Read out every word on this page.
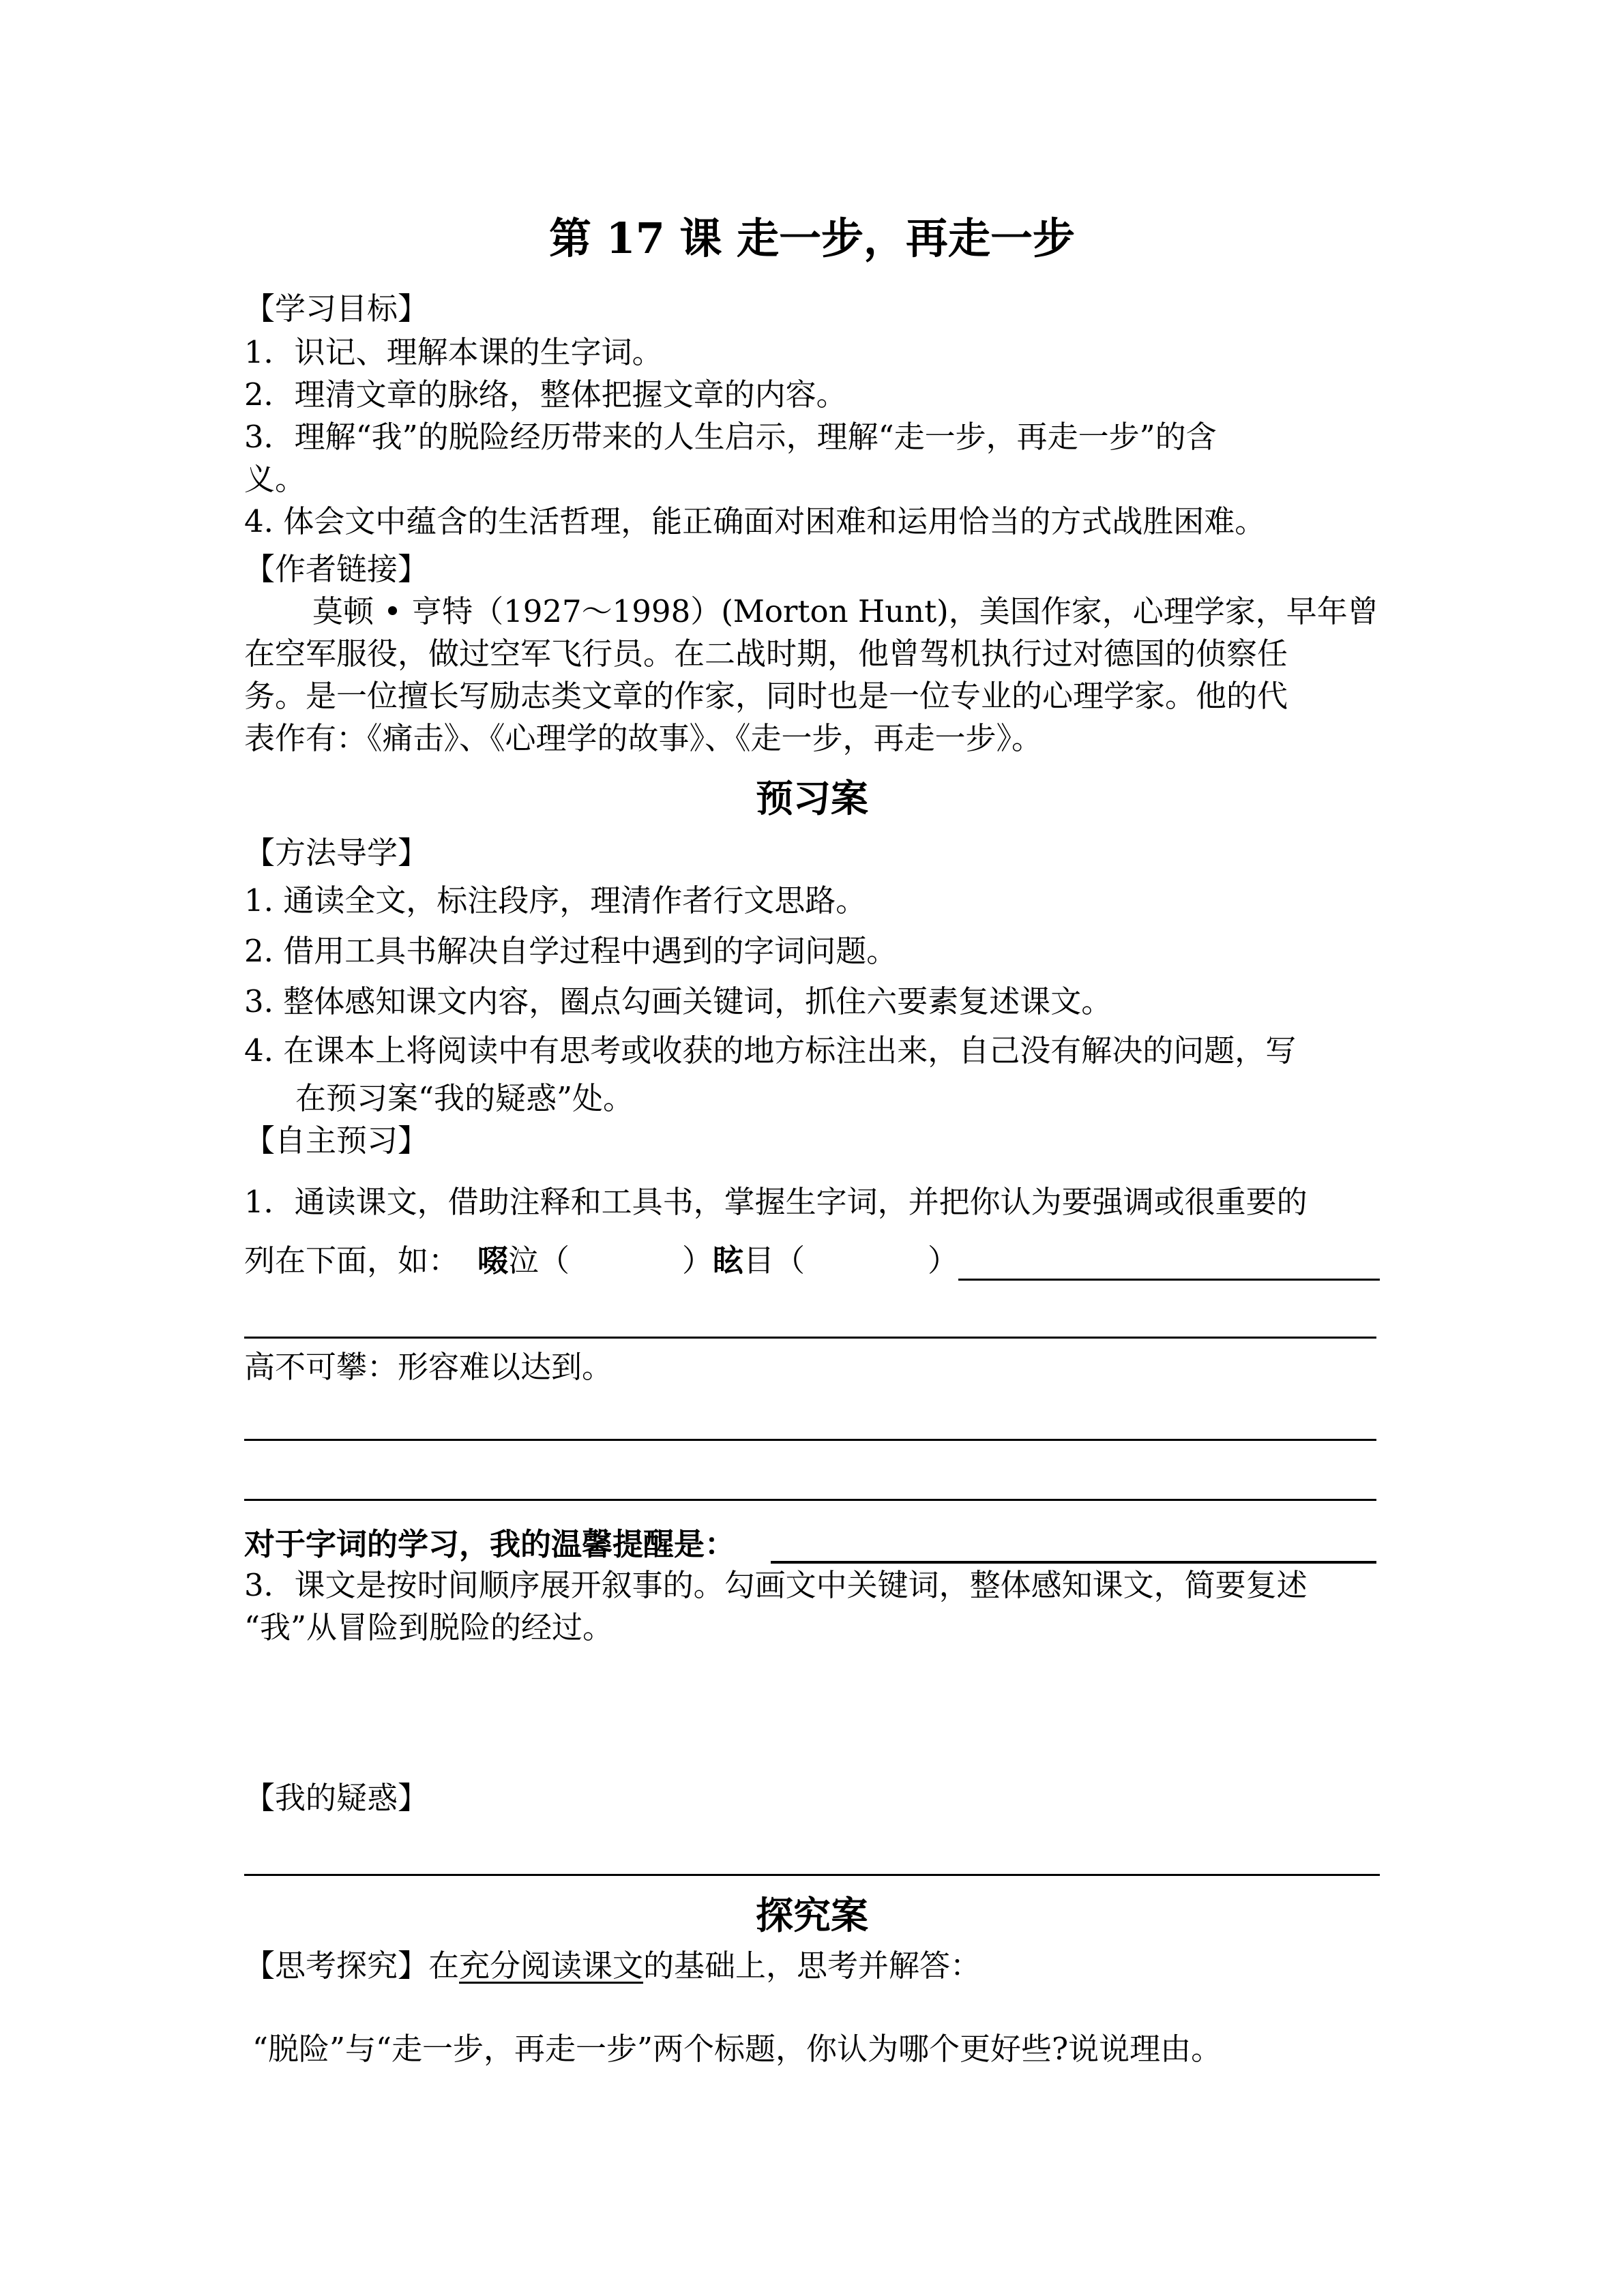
第 17 课 走一步，再走一步
【学习目标】
1．识记、理解本课的生字词。
2．理清文章的脉络，整体把握文章的内容。
3．理解“我”的脱险经历带来的人生启示，理解“走一步，再走一步”的含
义。
4. 体会文中蕴含的生活哲理，能正确面对困难和运用恰当的方式战胜困难。
【作者链接】
莫顿 • 亨特（1927～1998）(Morton Hunt)，美国作家，心理学家，早年曾
在空军服役，做过空军飞行员。在二战时期，他曾驾机执行过对德国的侦察任
务。是一位擅长写励志类文章的作家，同时也是一位专业的心理学家。他的代
表作有：《痛击》、《心理学的故事》、《走一步，再走一步》。
预习案
【方法导学】
1. 通读全文，标注段序，理清作者行文思路。
2. 借用工具书解决自学过程中遇到的字词问题。
3. 整体感知课文内容，圈点勾画关键词，抓住六要素复述课文。
4. 在课本上将阅读中有思考或收获的地方标注出来，自己没有解决的问题，写
在预习案“我的疑惑”处。
【自主预习】
1．通读课文，借助注释和工具书，掌握生字词，并把你认为要强调或很重要的
列在下面，如： 啜 泣（	） 眩 目（	）
高不可攀：形容难以达到。
对于字词的学习，我的温馨提醒是：
3．课文是按时间顺序展开叙事的。勾画文中关键词，整体感知课文，简要复述
“我”从冒险到脱险的经过。
【我的疑惑】
探究案
【思考探究】在充分阅读课文的基础上，思考并解答：
“脱险”与“走一步，再走一步”两个标题，你认为哪个更好些?说说理由。
